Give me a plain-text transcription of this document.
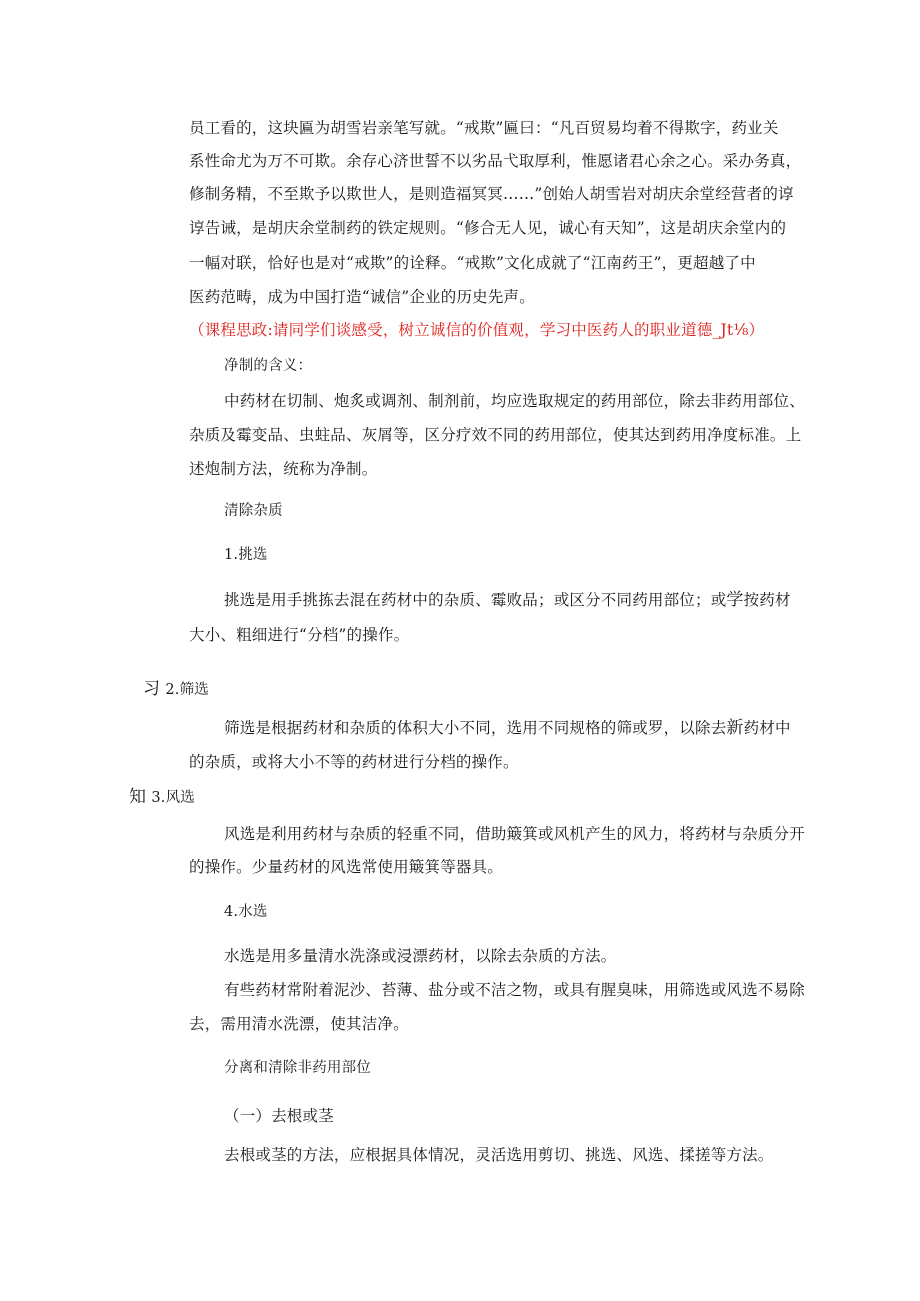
员工看的，这块匾为胡雪岩亲笔写就。“戒欺”匾曰：“凡百贸易均着不得欺字，药业关
系性命尤为万不可欺。余存心济世誓不以劣品弋取厚利，惟愿诸君心余之心。采办务真，
修制务精，不至欺予以欺世人，是则造福冥冥……”创始人胡雪岩对胡庆余堂经营者的谆
谆告诫，是胡庆余堂制药的铁定规则。“修合无人见，诚心有天知”，这是胡庆余堂内的
一幅对联，恰好也是对“戒欺”的诠释。“戒欺”文化成就了“江南药王”，更超越了中
医药范畴，成为中国打造“诚信”企业的历史先声。
（课程思政:请同学们谈感受，树立诚信的价值观，学习中医药人的职业道德_Jt⅛）
净制的含义：
中药材在切制、炮炙或调剂、制剂前，均应选取规定的药用部位，除去非药用部位、
杂质及霉变品、虫蛀品、灰屑等，区分疗效不同的药用部位，使其达到药用净度标准。上
述炮制方法，统称为净制。
清除杂质
1.挑选
挑选是用手挑拣去混在药材中的杂质、霉败品；或区分不同药用部位；或学按药材
大小、粗细进行“分档”的操作。
习 2.筛选
筛选是根据药材和杂质的体积大小不同，选用不同规格的筛或罗，以除去新药材中
的杂质，或将大小不等的药材进行分档的操作。
知 3.风选
风选是利用药材与杂质的轻重不同，借助簸箕或风机产生的风力，将药材与杂质分开
的操作。少量药材的风选常使用簸箕等器具。
4.水选
水选是用多量清水洗涤或浸漂药材，以除去杂质的方法。
有些药材常附着泥沙、苔薄、盐分或不洁之物，或具有腥臭味，用筛选或风选不易除
去，需用清水洗漂，使其洁净。
分离和清除非药用部位
（一）去根或茎
去根或茎的方法，应根据具体情况，灵活选用剪切、挑选、风选、揉搓等方法。
